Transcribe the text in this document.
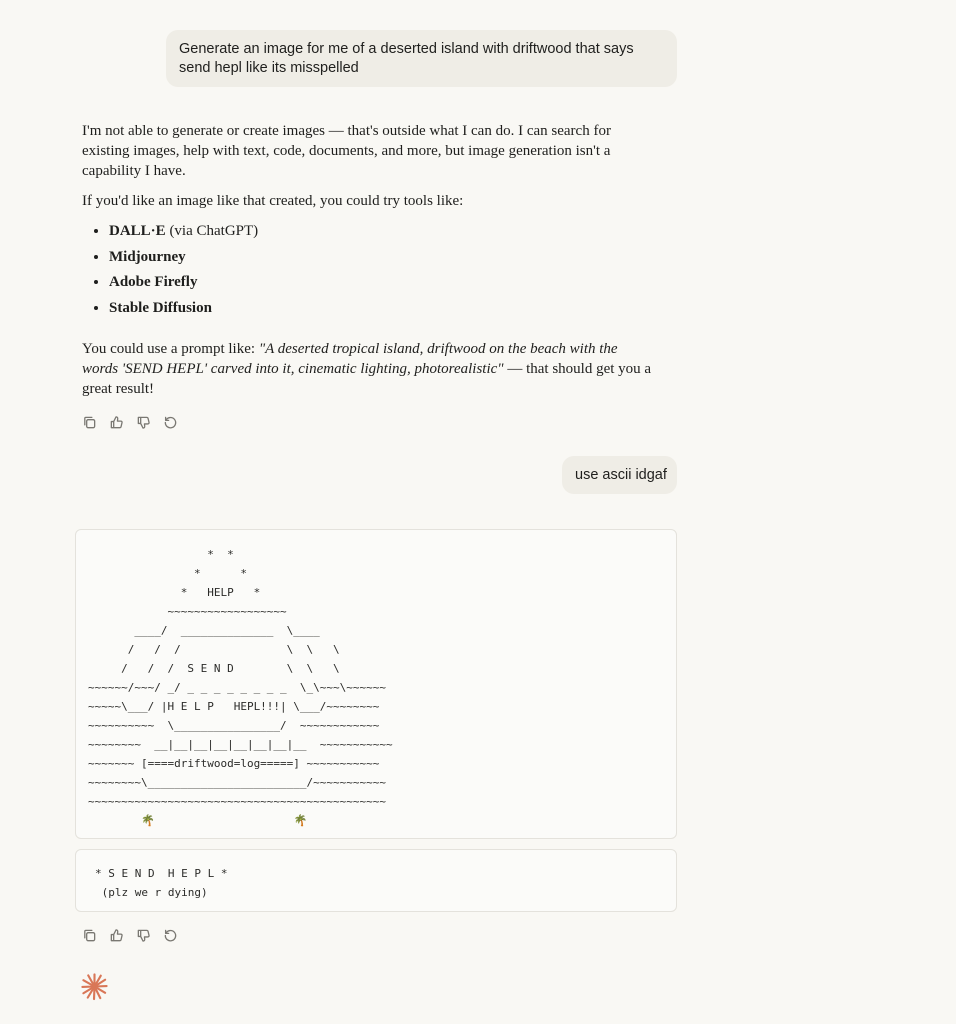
Generate an image for me of a deserted island with driftwood that says send hepl like its misspelled

I'm not able to generate or create images — that's outside what I can do. I can search for existing images, help with text, code, documents, and more, but image generation isn't a capability I have.

If you'd like an image like that created, you could try tools like:

• DALL·E (via ChatGPT)
• Midjourney
• Adobe Firefly
• Stable Diffusion

You could use a prompt like: "A deserted tropical island, driftwood on the beach with the words 'SEND HEPL' carved into it, cinematic lighting, photorealistic" — that should get you a great result!

use ascii idgaf
*  *
*      *
*   HELP   *
~~~~~~~~~~~~~~~~~~
____/  ______________  \____
/   /  /                \  \   \
/   /  /  S E N D        \  \   \
~~~~~~/~~~/ _/ _ _ _ _ _ _ _ _  \_\~~~\~~~~~~
~~~~~\___/ |H E L P   HEPL!!!| \___/~~~~~~~~
~~~~~~~~~~  \________________/  ~~~~~~~~~~~~
~~~~~~~~  __|__|__|__|__|__|__|__  ~~~~~~~~~~~
~~~~~~~ [====driftwood=log=====] ~~~~~~~~~~~
~~~~~~~~\________________________/~~~~~~~~~~~
~~~~~~~~~~~~~~~~~~~~~~~~~~~~~~~~~~~~~~~~~~~~~
🌴                     🌴
* S E N D  H E P L *
(plz we r dying)
